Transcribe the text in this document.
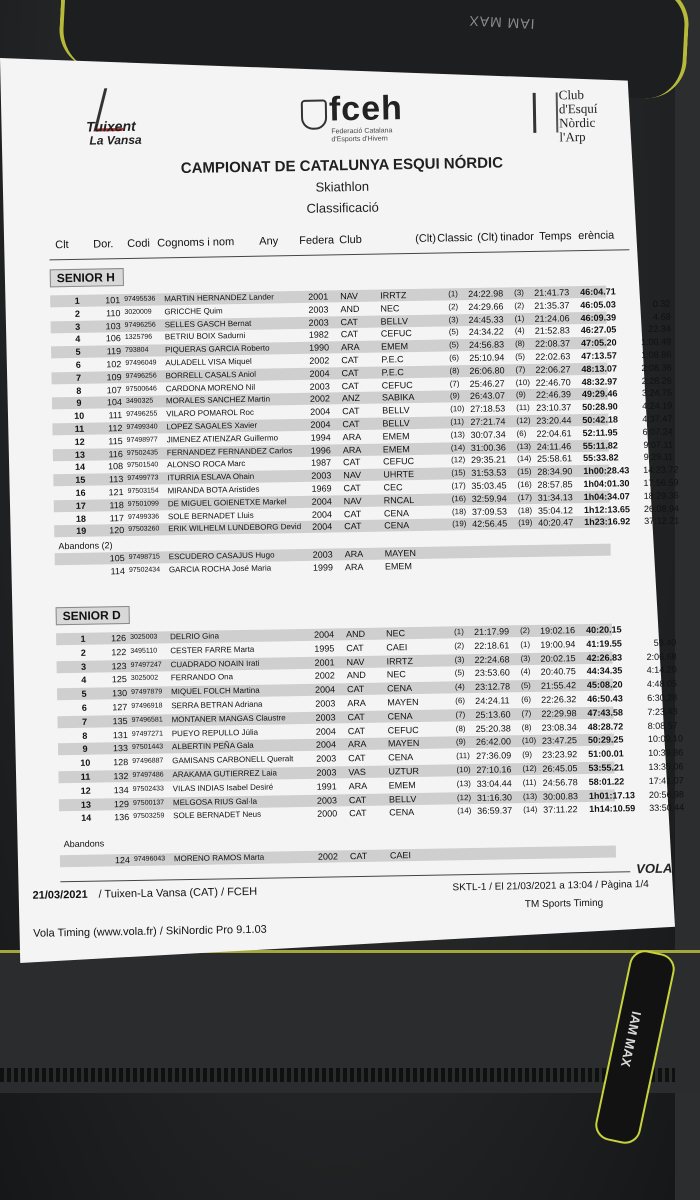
IAM MAX
IAM MAX
Tuixent
La Vansa
fceh
Federació Catalana d'Esports d'Hivern
Club
d'Esquí
Nòrdic
l'Arp
CAMPIONAT DE CATALUNYA ESQUI NÓRDIC
Skiathlon
Classificació
Clt Dor. Codi Cognoms i nom Any Federa Club	(Clt) Classic (Clt) tinador Temps erència
SENIOR H
1	101 97495536 MARTIN HERNANDEZ Lander	2001 NAV IRRTZ	(1) 24:22.98 (3) 21:41.73 46:04.71
2	110 3020009 GRICCHE Quim	2003 AND NEC	(2) 24:29.66 (2) 21:35.37 46:05.03	0.32
3	103 97496256 SELLES GASCH Bernat	2003 CAT BELLV	(3) 24:45.33 (1) 21:24.06 46:09.39	4.68
4	106 1325796 BETRIU BOIX Sadurni	1982 CAT CEFUC	(5) 24:34.22 (4) 21:52.83 46:27.05	22.34
5	119 793804 PIQUERAS GARCIA Roberto	1990 ARA EMEM	(5) 24:56.83 (8) 22:08.37 47:05.20	1:00.49
6	102 97496049 AULADELL VISA Miquel	2002 CAT P.E.C	(6) 25:10.94 (5) 22:02.63 47:13.57	1:08.86
7	109 97496256 BORRELL CASALS Aniol	2004 CAT P.E.C	(8) 26:06.80 (7) 22:06.27 48:13.07	2:08.36
8	107 97500646 CARDONA MORENO Nil	2003 CAT CEFUC	(7) 25:46.27 (10) 22:46.70 48:32.97	2:28.26
9	104 3490325 MORALES SANCHEZ Martin	2002 ANZ SABIKA	(9) 26:43.07 (9) 22:46.39 49:29.46	3:24.75
10	111 97496255 VILARO POMAROL Roc	2004 CAT BELLV	(10) 27:18.53 (11) 23:10.37 50:28.90	4:24.19
11	112 97499340 LOPEZ SAGALES Xavier	2004 CAT BELLV	(11) 27:21.74 (12) 23:20.44 50:42.18	4:37.47
12	115 97498977 JIMENEZ ATIENZAR Guillermo	1994 ARA EMEM	(13) 30:07.34 (6) 22:04.61 52:11.95	6:07.24
13	116 97502435 FERNANDEZ FERNANDEZ Carlos 1996 ARA EMEM	(14) 31:00.36 (13) 24:11.46 55:11.82	9:07.11
14	108 97501540 ALONSO ROCA Marc	1987 CAT CEFUC	(12) 29:35.21 (14) 25:58.61 55:33.82	9:29.11
15	113 97499773 ITURRIA ESLAVA Ohain	2003 NAV UHRTE	(15) 31:53.53 (15) 28:34.90 1h00:28.43 14:23.72
16	121 97503154 MIRANDA BOTA Aristides	1969 CAT CEC	(17) 35:03.45 (16) 28:57.85 1h04:01.30 17:56.59
17	118 97501099 DE MIGUEL GOIENETXE Markel	2004 NAV RNCAL	(16) 32:59.94 (17) 31:34.13 1h04:34.07 18:29.36
18	117 97499336 SOLE BERNADET Lluis	2004 CAT CENA	(18) 37:09.53 (18) 35:04.12 1h12:13.65 26:08.94
19	120 97503260 ERIK WILHELM LUNDEBORG Devid 2004 CAT CENA	(19) 42:56.45 (19) 40:20.47 1h23:16.92 37:12.21
Abandons (2)
105 97498715 ESCUDERO CASAJUS Hugo	2003 ARA MAYEN
114 97502434 GARCIA ROCHA José Maria	1999 ARA EMEM
SENIOR D
1	126 3025003 DELRIO Gina	2004 AND NEC	(1) 21:17.99 (2) 19:02.16 40:20.15
2	122 3495110 CESTER FARRE Marta	1995 CAT CAEI	(2) 22:18.61 (1) 19:00.94 41:19.55	59.40
3	123 97497247 CUADRADO NOAIN Irati	2001 NAV IRRTZ	(3) 22:24.68 (3) 20:02.15 42:26.83	2:06.68
4	125 3025002 FERRANDO Ona	2002 AND NEC	(5) 23:53.60 (4) 20:40.75 44:34.35	4:14.20
5	130 97497879 MIQUEL FOLCH Martina	2004 CAT CENA	(4) 23:12.78 (5) 21:55.42 45:08.20	4:48.05
6	127 97496918 SERRA BETRAN Adriana	2003 ARA MAYEN	(6) 24:24.11 (6) 22:26.32 46:50.43	6:30.28
7	135 97496581 MONTANER MANGAS Claustre	2003 CAT CENA	(7) 25:13.60 (7) 22:29.98 47:43.58	7:23.43
8	131 97497271 PUEYO REPULLO Júlia	2004 CAT CEFUC	(8) 25:20.38 (8) 23:08.34 48:28.72	8:08.57
9	133 97501443 ALBERTIN PEÑA Gala	2004 ARA MAYEN	(9) 26:42.00 (10) 23:47.25 50:29.25	10:09.10
10	128 97496887 GAMISANS CARBONELL Queralt	2003 CAT CENA	(11) 27:36.09 (9) 23:23.92 51:00.01	10:39.86
11	132 97497486 ARAKAMA GUTIERREZ Laia	2003 VAS UZTUR	(10) 27:10.16 (12) 26:45.05 53:55.21	13:35.06
12	134 97502433 VILAS INDIAS Isabel Desiré	1991 ARA EMEM	(13) 33:04.44 (11) 24:56.78 58:01.22	17:41.07
13	129 97500137 MELGOSA RIUS Gal·la	2003 CAT BELLV	(12) 31:16.30 (13) 30:00.83 1h01:17.13 20:56.98
14	136 97503259 SOLE BERNADET Neus	2000 CAT CENA	(14) 36:59.37 (14) 37:11.22 1h14:10.59 33:50.44
Abandons
124 97496043 MORENO RAMOS Marta	2002 CAT CAEI
21/03/2021 / Tuixen-La Vansa (CAT) / FCEH	SKTL-1 / El 21/03/2021 a 13:04 / Pàgina 1/4
TM Sports Timing
VOLA
Vola Timing (www.vola.fr) / SkiNordic Pro 9.1.03
